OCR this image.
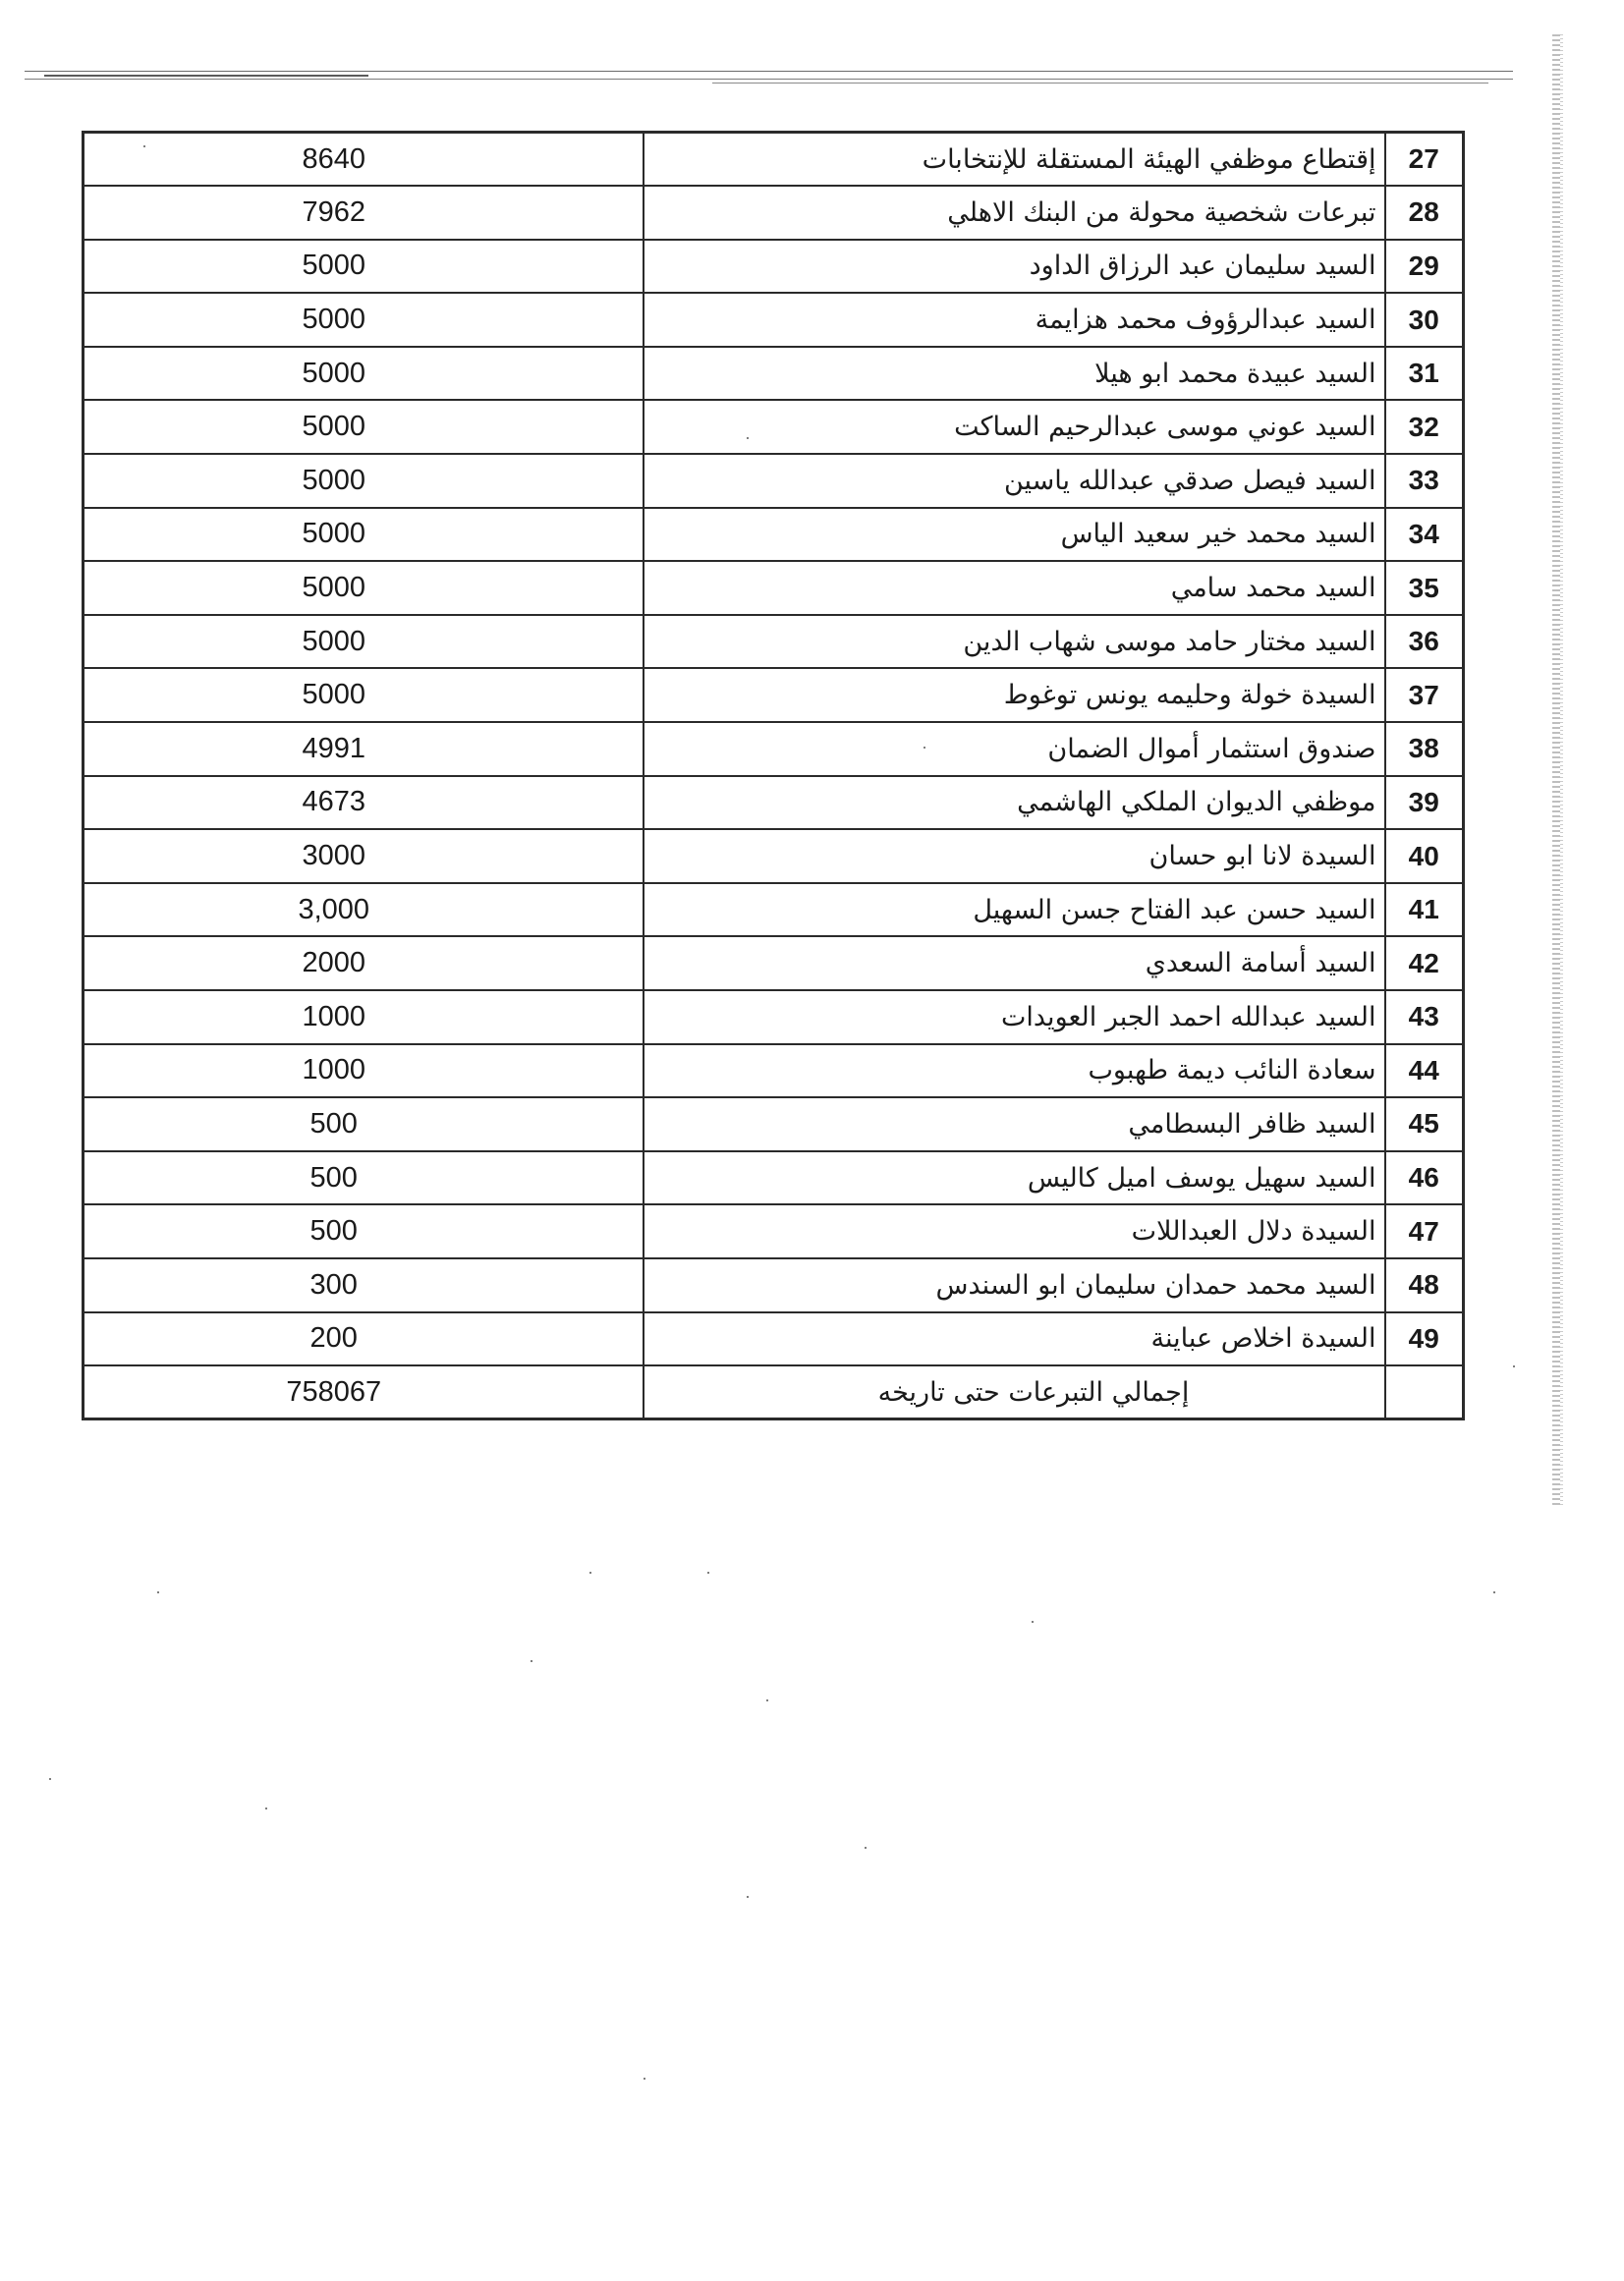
8640	إقتطاع موظفي الهيئة المستقلة للإنتخابات	27
7962	تبرعات شخصية محولة من البنك الاهلي	28
5000	السيد سليمان عبد الرزاق الداود	29
5000	السيد عبدالرؤوف محمد هزايمة	30
5000	السيد عبيدة محمد ابو هيلا	31
5000	السيد عوني موسى عبدالرحيم الساكت	32
5000	السيد فيصل صدقي عبدالله ياسين	33
5000	السيد محمد خير سعيد الياس	34
5000	السيد محمد سامي	35
5000	السيد مختار حامد موسى شهاب الدين	36
5000	السيدة خولة وحليمه يونس توغوط	37
4991	صندوق استثمار أموال الضمان	38
4673	موظفي الديوان الملكي الهاشمي	39
3000	السيدة لانا ابو حسان	40
3,000	السيد حسن عبد الفتاح جسن السهيل	41
2000	السيد أسامة السعدي	42
1000	السيد عبدالله احمد الجبر العويدات	43
1000	سعادة النائب ديمة طهبوب	44
500	السيد ظافر البسطامي	45
500	السيد سهيل يوسف اميل كاليس	46
500	السيدة دلال العبداللات	47
300	السيد محمد حمدان سليمان ابو السندس	48
200	السيدة اخلاص عباينة	49
758067	إجمالي التبرعات حتى تاريخه	
